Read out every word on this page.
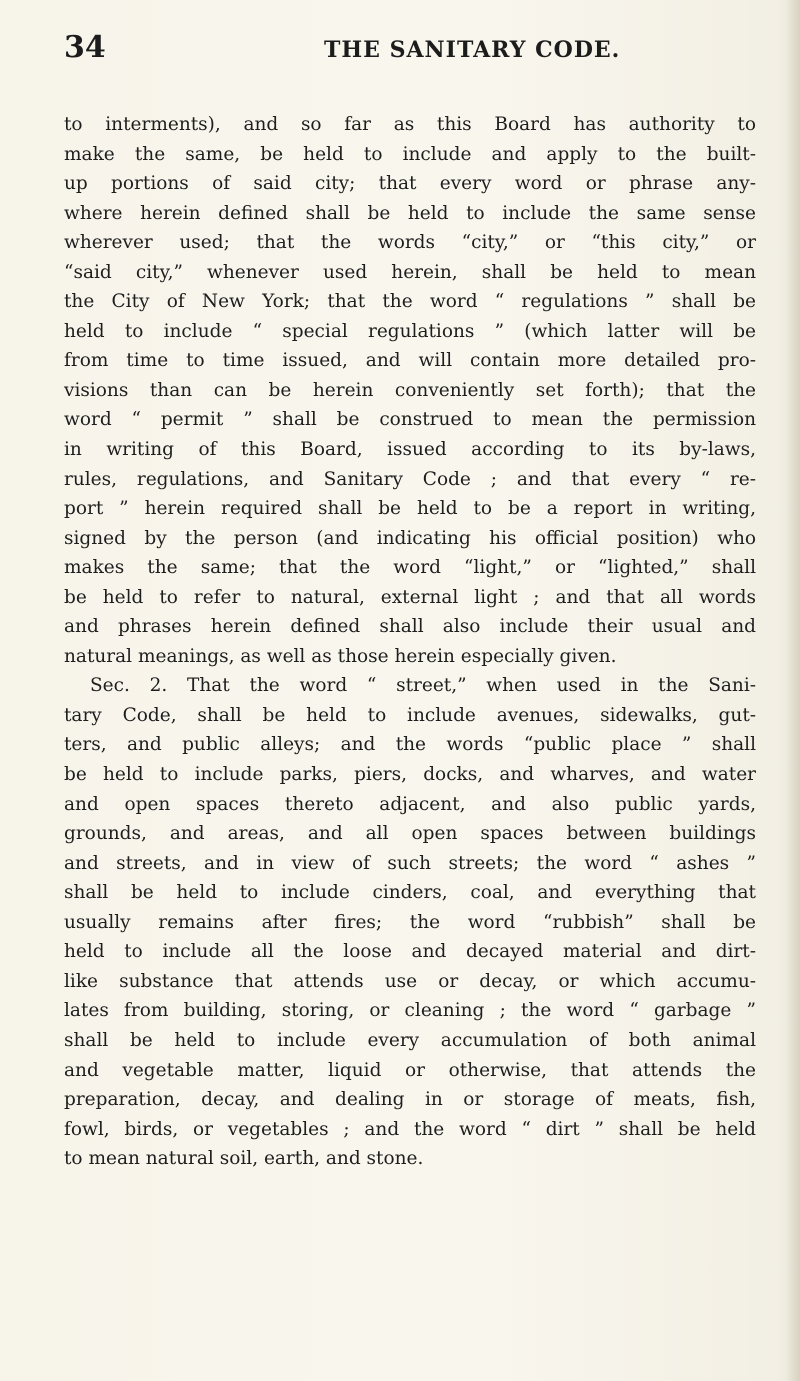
34	THE SANITARY CODE.
to interments), and so far as this Board has authority to
make the same, be held to include and apply to the built-
up portions of said city; that every word or phrase any-
where herein defined shall be held to include the same sense
wherever used; that the words “city,” or “this city,” or
“said city,” whenever used herein, shall be held to mean
the City of New York; that the word “ regulations ” shall be
held to include “ special regulations ” (which latter will be
from time to time issued, and will contain more detailed pro-
visions than can be herein conveniently set forth); that the
word “ permit ” shall be construed to mean the permission
in writing of this Board, issued according to its by-laws,
rules, regulations, and Sanitary Code ; and that every “ re-
port ” herein required shall be held to be a report in writing,
signed by the person (and indicating his official position) who
makes the same; that the word “light,” or “lighted,” shall
be held to refer to natural, external light ; and that all words
and phrases herein defined shall also include their usual and
natural meanings, as well as those herein especially given.
Sec. 2. That the word “ street,” when used in the Sani-
tary Code, shall be held to include avenues, sidewalks, gut-
ters, and public alleys; and the words “public place ” shall
be held to include parks, piers, docks, and wharves, and water
and open spaces thereto adjacent, and also public yards,
grounds, and areas, and all open spaces between buildings
and streets, and in view of such streets; the word “ ashes ”
shall be held to include cinders, coal, and everything that
usually remains after fires; the word “rubbish” shall be
held to include all the loose and decayed material and dirt-
like substance that attends use or decay, or which accumu-
lates from building, storing, or cleaning ; the word “ garbage ”
shall be held to include every accumulation of both animal
and vegetable matter, liquid or otherwise, that attends the
preparation, decay, and dealing in or storage of meats, fish,
fowl, birds, or vegetables ; and the word “ dirt ” shall be held
to mean natural soil, earth, and stone.
